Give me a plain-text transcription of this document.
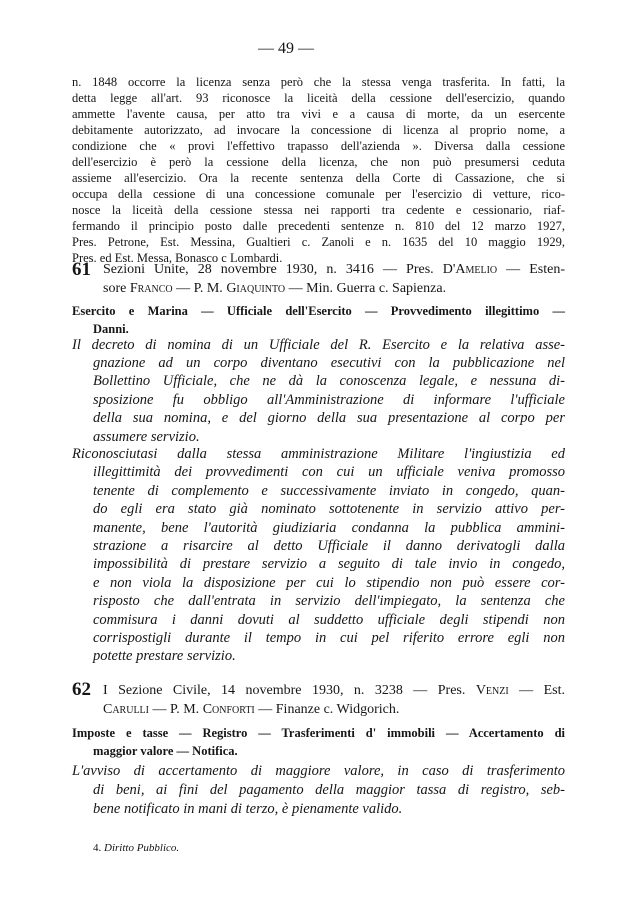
— 49 —
n. 1848 occorre la licenza senza però che la stessa venga trasferita. In fatti, la
detta legge all'art. 93 riconosce la liceità della cessione dell'esercizio, quando
ammette l'avente causa, per atto tra vivi e a causa di morte, da un esercente
debitamente autorizzato, ad invocare la concessione di licenza al proprio nome, a
condizione che « provi l'effettivo trapasso dell'azienda ». Diversa dalla cessione
dell'esercizio è però la cessione della licenza, che non può presumersi ceduta
assieme all'esercizio. Ora la recente sentenza della Corte di Cassazione, che si
occupa della cessione di una concessione comunale per l'esercizio di vetture, rico-
nosce la liceità della cessione stessa nei rapporti tra cedente e cessionario, riaf-
fermando il principio posto dalle precedenti sentenze n. 810 del 12 marzo 1927,
Pres. Petrone, Est. Messina, Gualtieri c. Zanoli e n. 1635 del 10 maggio 1929,
Pres. ed Est. Messa, Bonasco c Lombardi.
61 Sezioni Unite, 28 novembre 1930, n. 3416 — Pres. D'Amelio — Esten-
sore Franco — P. M. Giaquinto — Min. Guerra c. Sapienza.
Esercito e Marina — Ufficiale dell'Esercito — Provvedimento illegittimo —
Danni.
Il decreto di nomina di un Ufficiale del R. Esercito e la relativa asse-
gnazione ad un corpo diventano esecutivi con la pubblicazione nel
Bollettino Ufficiale, che ne dà la conoscenza legale, e nessuna di-
sposizione fu obbligo all'Amministrazione di informare l'ufficiale
della sua nomina, e del giorno della sua presentazione al corpo per
assumere servizio.
Riconosciutasi dalla stessa amministrazione Militare l'ingiustizia ed
illegittimità dei provvedimenti con cui un ufficiale veniva promosso
tenente di complemento e successivamente inviato in congedo, quan-
do egli era stato già nominato sottotenente in servizio attivo per-
manente, bene l'autorità giudiziaria condanna la pubblica ammini-
strazione a risarcire al detto Ufficiale il danno derivatogli dalla
impossibilità di prestare servizio a seguito di tale invio in congedo,
e non viola la disposizione per cui lo stipendio non può essere cor-
risposto che dall'entrata in servizio dell'impiegato, la sentenza che
commisura i danni dovuti al suddetto ufficiale degli stipendi non
corrispostigli durante il tempo in cui pel riferito errore egli non
potette prestare servizio.
62 I Sezione Civile, 14 novembre 1930, n. 3238 — Pres. Venzi — Est.
Carulli — P. M. Conforti — Finanze c. Widgorich.
Imposte e tasse — Registro — Trasferimenti d' immobili — Accertamento di
maggior valore — Notifica.
L'avviso di accertamento di maggiore valore, in caso di trasferimento
di beni, ai fini del pagamento della maggior tassa di registro, seb-
bene notificato in mani di terzo, è pienamente valido.
4. Diritto Pubblico.
